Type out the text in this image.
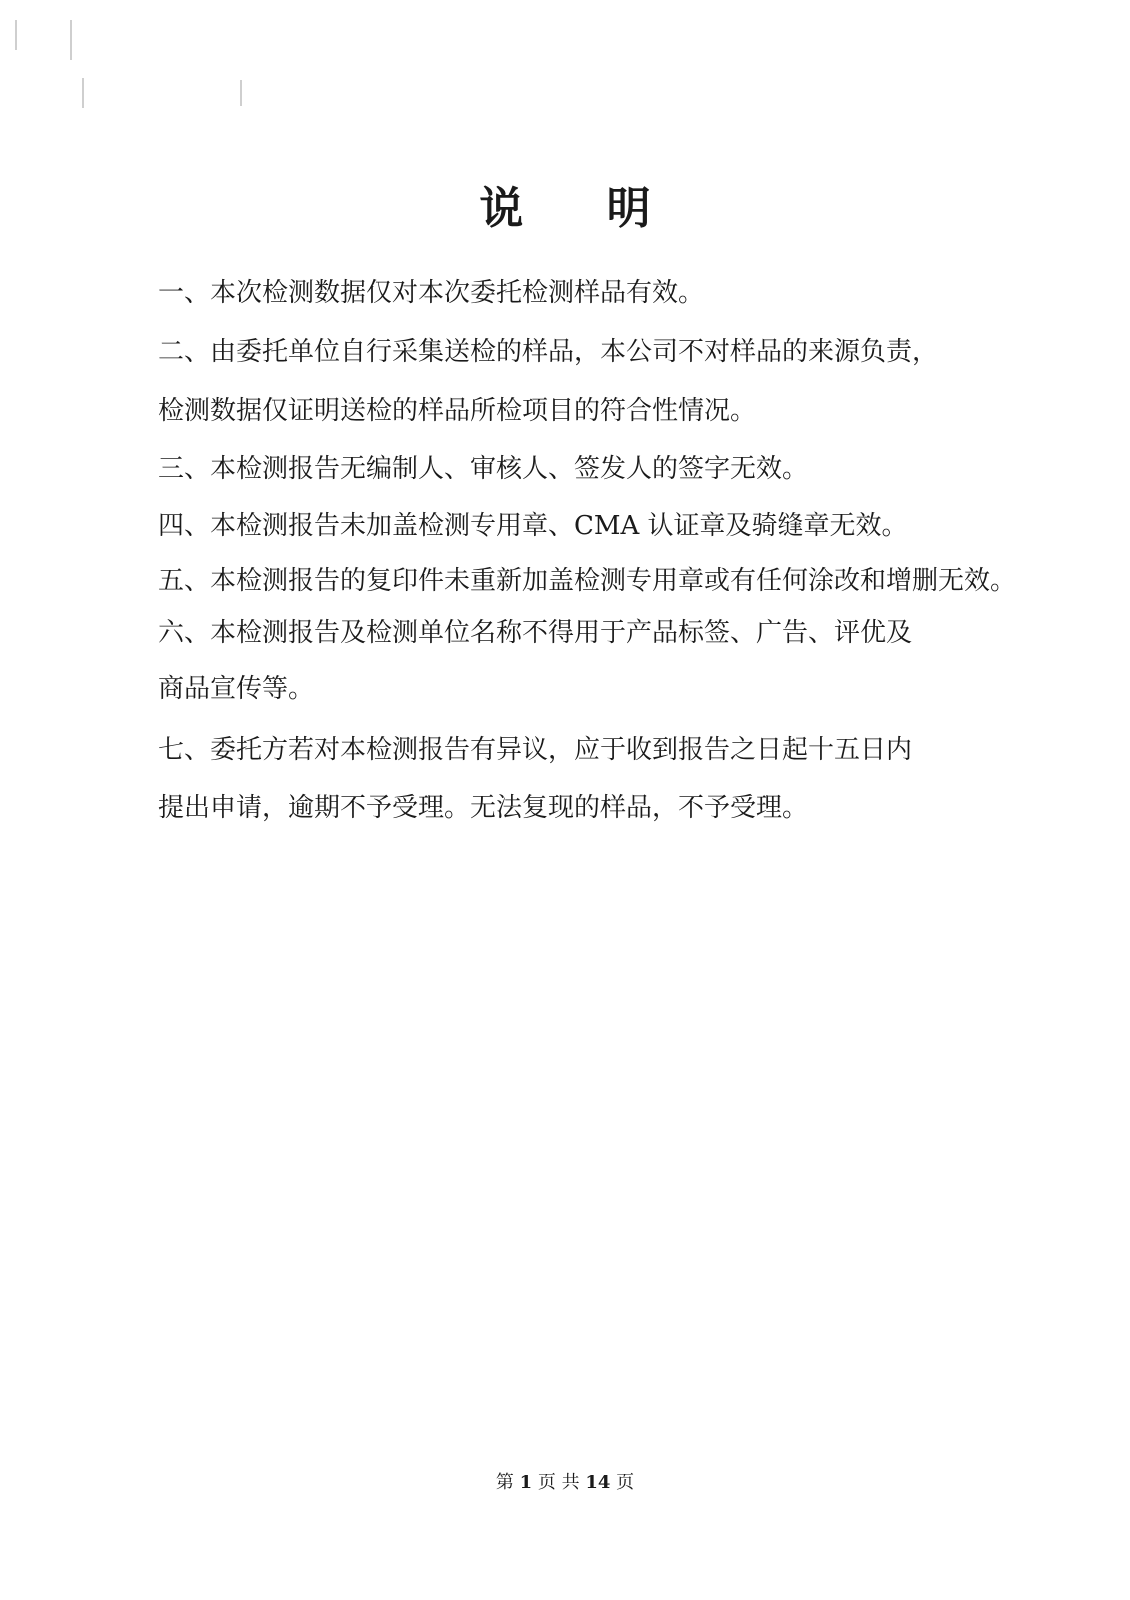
说 明

一、本次检测数据仅对本次委托检测样品有效。

二、由委托单位自行采集送检的样品，本公司不对样品的来源负责，

检测数据仅证明送检的样品所检项目的符合性情况。

三、本检测报告无编制人、审核人、签发人的签字无效。

四、本检测报告未加盖检测专用章、CMA 认证章及骑缝章无效。

五、本检测报告的复印件未重新加盖检测专用章或有任何涂改和增删无效。

六、本检测报告及检测单位名称不得用于产品标签、广告、评优及

商品宣传等。

七、委托方若对本检测报告有异议，应于收到报告之日起十五日内

提出申请，逾期不予受理。无法复现的样品，不予受理。

第 1 页 共 14 页
